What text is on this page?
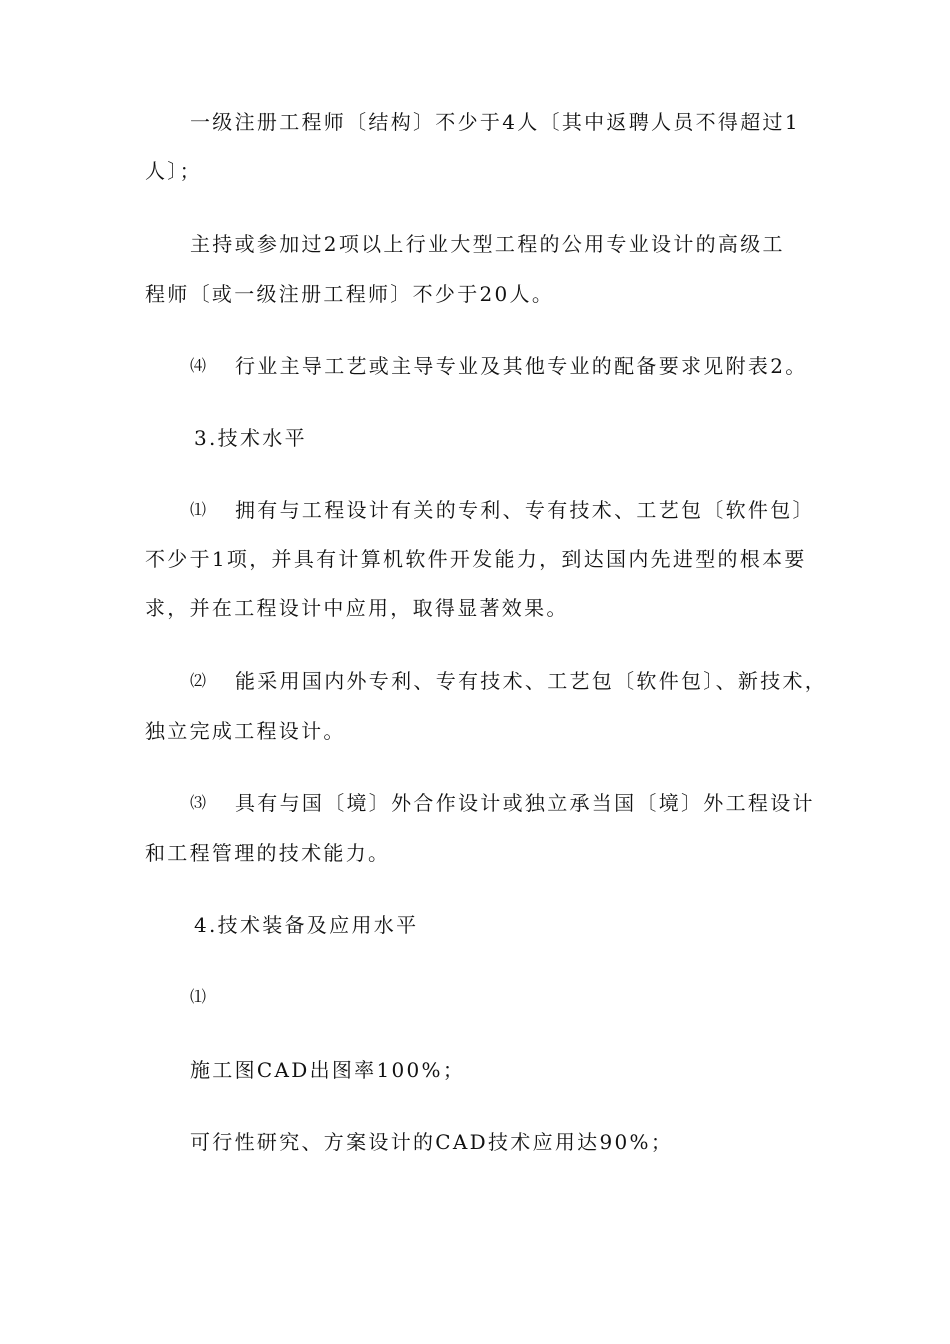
一级注册工程师〔结构〕不少于4人〔其中返聘人员不得超过1
人〕；
主持或参加过2项以上行业大型工程的公用专业设计的高级工
程师〔或一级注册工程师〕不少于20人。
⑷ 行业主导工艺或主导专业及其他专业的配备要求见附表2。
3.技术水平
⑴ 拥有与工程设计有关的专利、专有技术、工艺包〔软件包〕
不少于1项，并具有计算机软件开发能力，到达国内先进型的根本要
求，并在工程设计中应用，取得显著效果。
⑵ 能采用国内外专利、专有技术、工艺包〔软件包〕、新技术，
独立完成工程设计。
⑶ 具有与国〔境〕外合作设计或独立承当国〔境〕外工程设计
和工程管理的技术能力。
4.技术装备及应用水平
⑴
施工图CAD出图率100%；
可行性研究、方案设计的CAD技术应用达90%；
